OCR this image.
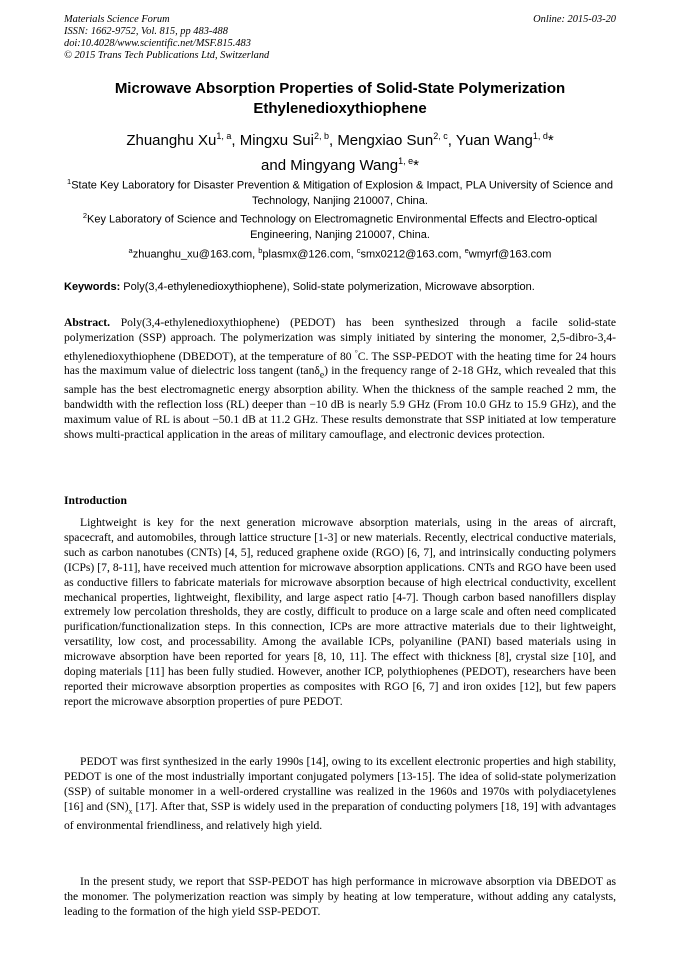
Materials Science Forum
ISSN: 1662-9752, Vol. 815, pp 483-488
doi:10.4028/www.scientific.net/MSF.815.483
© 2015 Trans Tech Publications Ltd, Switzerland
Online: 2015-03-20
Microwave Absorption Properties of Solid-State Polymerization
Ethylenedioxythiophene
Zhuanghu Xu$^{1, a}$, Mingxu Sui$^{2, b}$, Mengxiao Sun$^{2, c}$, Yuan Wang$^{1, d}$*
and Mingyang Wang$^{1, e}$*
$^1$State Key Laboratory for Disaster Prevention & Mitigation of Explosion & Impact, PLA University of Science and Technology, Nanjing 210007, China.
$^2$Key Laboratory of Science and Technology on Electromagnetic Environmental Effects and Electro-optical Engineering, Nanjing 210007, China.
$^a$zhuanghu_xu@163.com, $^b$plasmx@126.com, $^c$smx0212@163.com, $^e$wmyrf@163.com
Keywords: Poly(3,4-ethylenedioxythiophene), Solid-state polymerization, Microwave absorption.
Abstract. Poly(3,4-ethylenedioxythiophene) (PEDOT) has been synthesized through a facile solid-state polymerization (SSP) approach. The polymerization was simply initiated by sintering the monomer, 2,5-dibro-3,4-ethylenedioxythiophene (DBEDOT), at the temperature of 80 °C. The SSP-PEDOT with the heating time for 24 hours has the maximum value of dielectric loss tangent (tanδ$_e$) in the frequency range of 2-18 GHz, which revealed that this sample has the best electromagnetic energy absorption ability. When the thickness of the sample reached 2 mm, the bandwidth with the reflection loss (RL) deeper than −10 dB is nearly 5.9 GHz (From 10.0 GHz to 15.9 GHz), and the maximum value of RL is about −50.1 dB at 11.2 GHz. These results demonstrate that SSP initiated at low temperature shows multi-practical application in the areas of military camouflage, and electronic devices protection.
Introduction

Lightweight is key for the next generation microwave absorption materials, using in the areas of aircraft, spacecraft, and automobiles, through lattice structure [1-3] or new materials. Recently, electrical conductive materials, such as carbon nanotubes (CNTs) [4, 5], reduced graphene oxide (RGO) [6, 7], and intrinsically conducting polymers (ICPs) [7, 8-11], have received much attention for microwave absorption applications. CNTs and RGO have been used as conductive fillers to fabricate materials for microwave absorption because of high electrical conductivity, excellent mechanical properties, lightweight, flexibility, and large aspect ratio [4-7]. Though carbon based nanofillers display extremely low percolation thresholds, they are costly, difficult to produce on a large scale and often need complicated purification/functionalization steps. In this connection, ICPs are more attractive materials due to their lightweight, versatility, low cost, and processability. Among the available ICPs, polyaniline (PANI) based materials using in microwave absorption have been reported for years [8, 10, 11]. The effect with thickness [8], crystal size [10], and doping materials [11] has been fully studied. However, another ICP, polythiophenes (PEDOT), researchers have been reported their microwave absorption properties as composites with RGO [6, 7] and iron oxides [12], but few papers report the microwave absorption properties of pure PEDOT.

PEDOT was first synthesized in the early 1990s [14], owing to its excellent electronic properties and high stability, PEDOT is one of the most industrially important conjugated polymers [13-15]. The idea of solid-state polymerization (SSP) of suitable monomer in a well-ordered crystalline was realized in the 1960s and 1970s with polydiacetylenes [16] and $(SN)_x$ [17]. After that, SSP is widely used in the preparation of conducting polymers [18, 19] with advantages of environmental friendliness, and relatively high yield.

In the present study, we report that SSP-PEDOT has high performance in microwave absorption via DBEDOT as the monomer. The polymerization reaction was simply by heating at low temperature, without adding any catalysts, leading to the formation of the high yield SSP-PEDOT.
